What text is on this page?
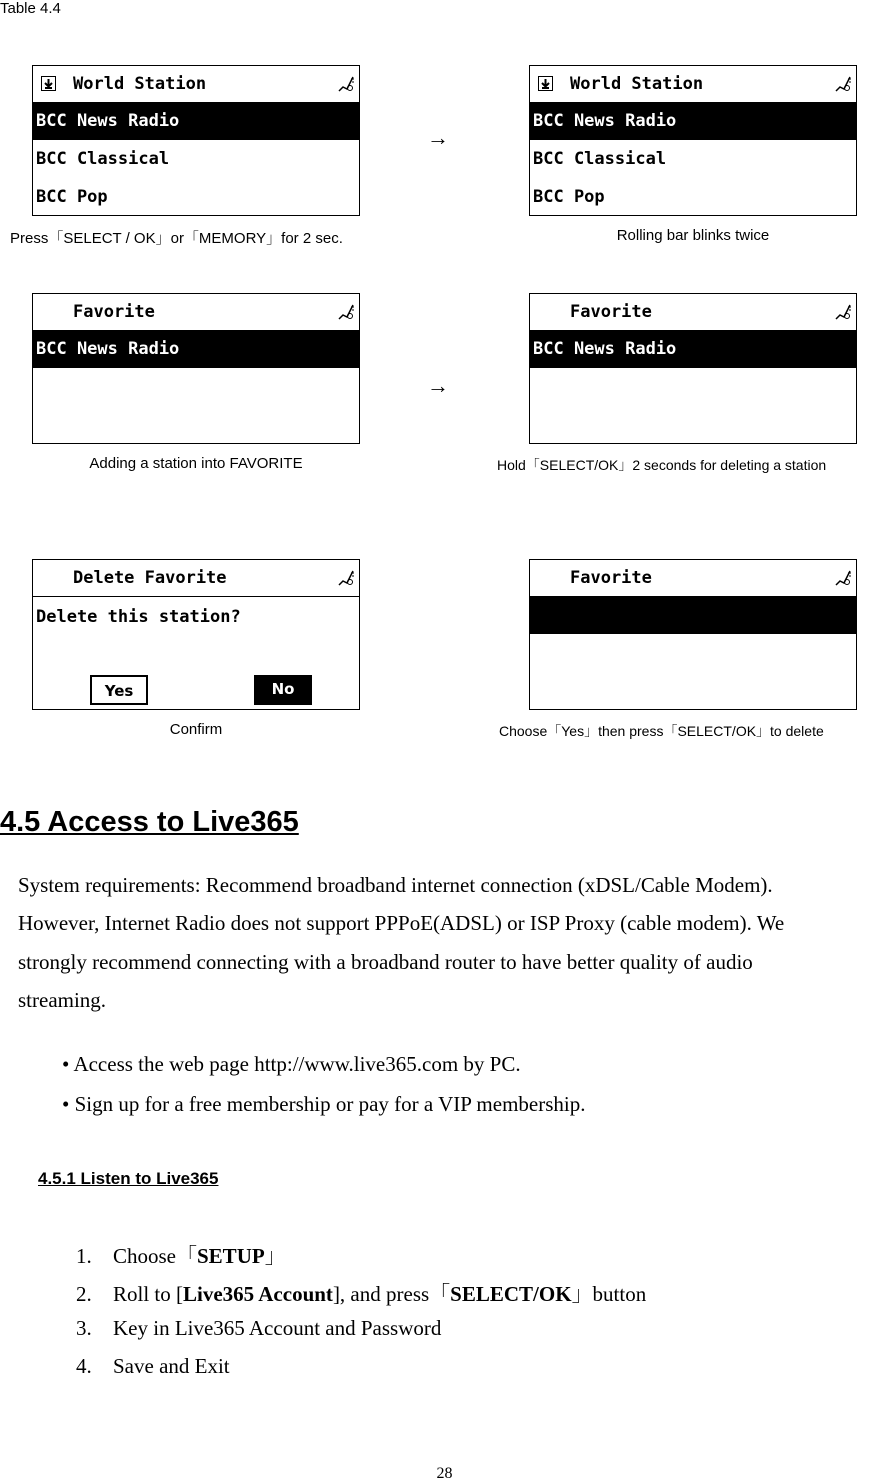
Table 4.4
World Station
BCC News Radio
BCC Classical
BCC Pop
→
World Station
BCC News Radio
BCC Classical
BCC Pop
Press「SELECT / OK」or「MEMORY」for 2 sec.	Rolling bar blinks twice
Favorite
BCC News Radio
→
Favorite
BCC News Radio
Adding a station into FAVORITE	Hold「SELECT/OK」2 seconds for deleting a station
Delete Favorite
Delete this station?
Yes	No
Favorite
Confirm	Choose「Yes」then press「SELECT/OK」to delete
4.5 Access to Live365
System requirements: Recommend broadband internet connection (xDSL/Cable Modem). However, Internet Radio does not support PPPoE(ADSL) or ISP Proxy (cable modem). We strongly recommend connecting with a broadband router to have better quality of audio streaming.
• Access the web page http://www.live365.com by PC.
• Sign up for a free membership or pay for a VIP membership.
4.5.1 Listen to Live365
1. Choose「SETUP」
2. Roll to [Live365 Account], and press「SELECT/OK」button
3. Key in Live365 Account and Password
4. Save and Exit
28
